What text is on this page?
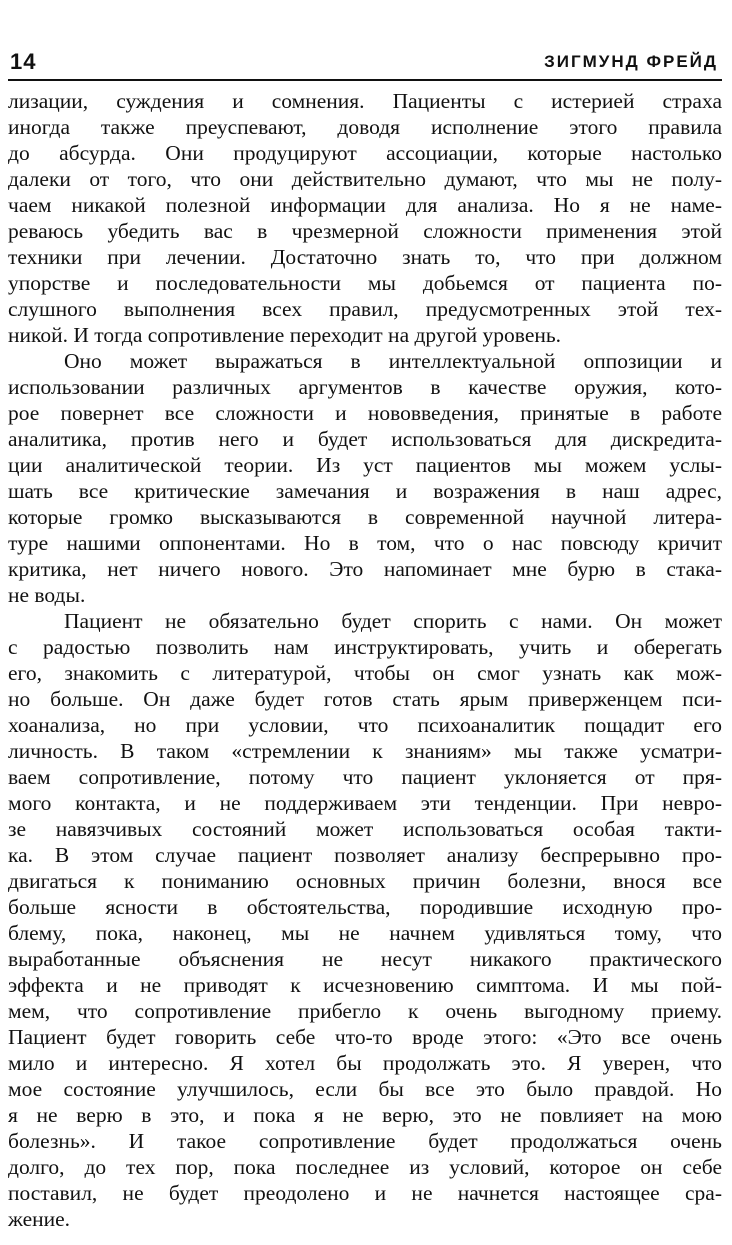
14	ЗИГМУНД ФРЕЙД

лизации, суждения и сомнения. Пациенты с истерией страха

иногда также преуспевают, доводя исполнение этого правила

до абсурда. Они продуцируют ассоциации, которые настолько

далеки от того, что они действительно думают, что мы не полу-

чаем никакой полезной информации для анализа. Но я не наме-

реваюсь убедить вас в чрезмерной сложности применения этой

техники при лечении. Достаточно знать то, что при должном

упорстве и последовательности мы добьемся от пациента по-

слушного выполнения всех правил, предусмотренных этой тех-

никой. И тогда сопротивление переходит на другой уровень.

Оно может выражаться в интеллектуальной оппозиции и

использовании различных аргументов в качестве оружия, кото-

рое повернет все сложности и нововведения, принятые в работе

аналитика, против него и будет использоваться для дискредита-

ции аналитической теории. Из уст пациентов мы можем услы-

шать все критические замечания и возражения в наш адрес,

которые громко высказываются в современной научной литера-

туре нашими оппонентами. Но в том, что о нас повсюду кричит

критика, нет ничего нового. Это напоминает мне бурю в стака-

не воды.

Пациент не обязательно будет спорить с нами. Он может

с радостью позволить нам инструктировать, учить и оберегать

его, знакомить с литературой, чтобы он смог узнать как мож-

но больше. Он даже будет готов стать ярым приверженцем пси-

хоанализа, но при условии, что психоаналитик пощадит его

личность. В таком «стремлении к знаниям» мы также усматри-

ваем сопротивление, потому что пациент уклоняется от пря-

мого контакта, и не поддерживаем эти тенденции. При невро-

зе навязчивых состояний может использоваться особая такти-

ка. В этом случае пациент позволяет анализу беспрерывно про-

двигаться к пониманию основных причин болезни, внося все

больше ясности в обстоятельства, породившие исходную про-

блему, пока, наконец, мы не начнем удивляться тому, что

выработанные объяснения не несут никакого практического

эффекта и не приводят к исчезновению симптома. И мы пой-

мем, что сопротивление прибегло к очень выгодному приему.

Пациент будет говорить себе что-то вроде этого: «Это все очень

мило и интересно. Я хотел бы продолжать это. Я уверен, что

мое состояние улучшилось, если бы все это было правдой. Но

я не верю в это, и пока я не верю, это не повлияет на мою

болезнь». И такое сопротивление будет продолжаться очень

долго, до тех пор, пока последнее из условий, которое он себе

поставил, не будет преодолено и не начнется настоящее сра-

жение.
